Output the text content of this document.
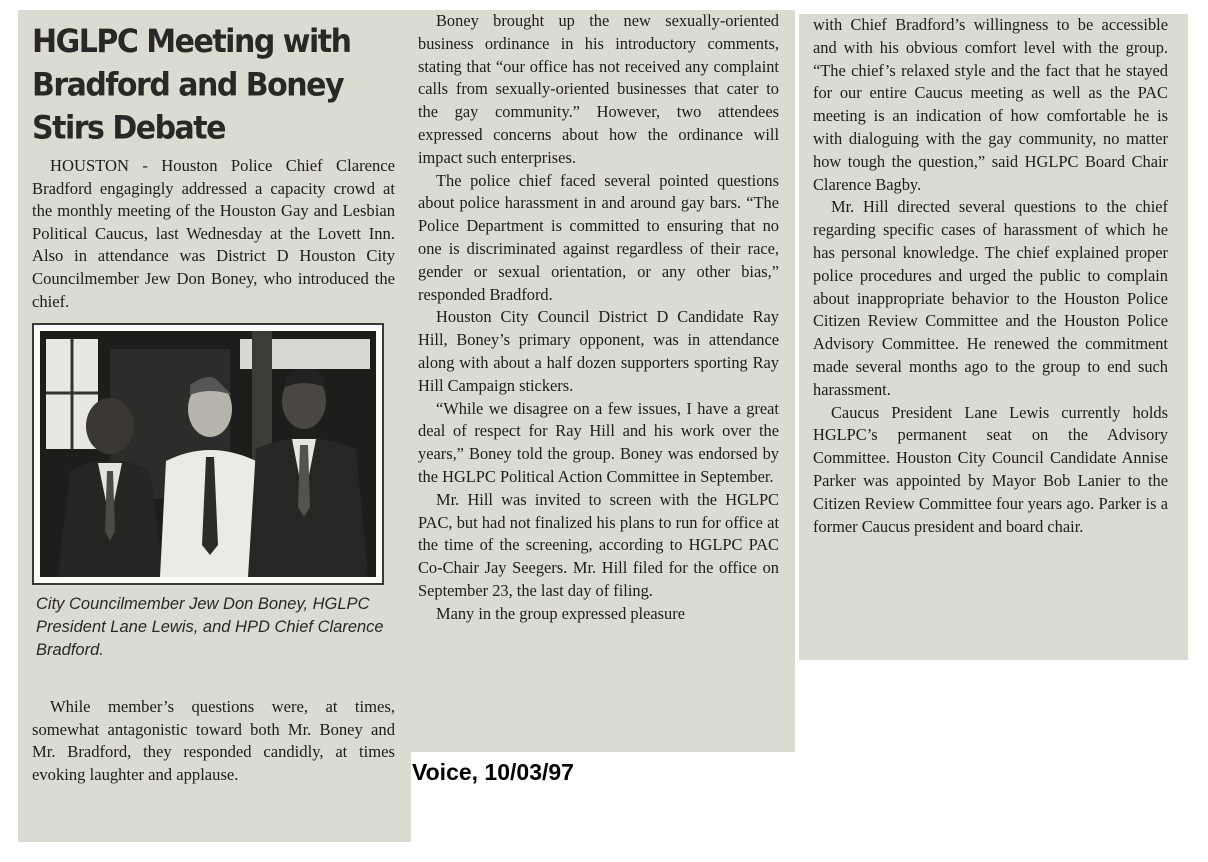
HGLPC Meeting with Bradford and Boney Stirs Debate

HOUSTON - Houston Police Chief Clarence Bradford engagingly addressed a capacity crowd at the monthly meeting of the Houston Gay and Lesbian Political Caucus, last Wednesday at the Lovett Inn. Also in attendance was District D Houston City Councilmember Jew Don Boney, who introduced the chief.

City Councilmember Jew Don Boney, HGLPC President Lane Lewis, and HPD Chief Clarence Bradford.

While member’s questions were, at times, somewhat antagonistic toward both Mr. Boney and Mr. Bradford, they responded candidly, at times evoking laughter and applause.

Boney brought up the new sexually-oriented business ordinance in his introductory comments, stating that “our office has not received any complaint calls from sexually-oriented businesses that cater to the gay community.” However, two attendees expressed concerns about how the ordinance will impact such enterprises.

The police chief faced several pointed questions about police harassment in and around gay bars. “The Police Department is committed to ensuring that no one is discriminated against regardless of their race, gender or sexual orientation, or any other bias,” responded Bradford.

Houston City Council District D Candidate Ray Hill, Boney’s primary opponent, was in attendance along with about a half dozen supporters sporting Ray Hill Campaign stickers.

“While we disagree on a few issues, I have a great deal of respect for Ray Hill and his work over the years,” Boney told the group. Boney was endorsed by the HGLPC Political Action Committee in September.

Mr. Hill was invited to screen with the HGLPC PAC, but had not finalized his plans to run for office at the time of the screening, according to HGLPC PAC Co-Chair Jay Seegers. Mr. Hill filed for the office on September 23, the last day of filing.

Many in the group expressed pleasure

with Chief Bradford’s willingness to be accessible and with his obvious comfort level with the group. “The chief’s relaxed style and the fact that he stayed for our entire Caucus meeting as well as the PAC meeting is an indication of how comfortable he is with dialoguing with the gay community, no matter how tough the question,” said HGLPC Board Chair Clarence Bagby.

Mr. Hill directed several questions to the chief regarding specific cases of harassment of which he has personal knowledge. The chief explained proper police procedures and urged the public to complain about inappropriate behavior to the Houston Police Citizen Review Committee and the Houston Police Advisory Committee. He renewed the commitment made several months ago to the group to end such harassment.

Caucus President Lane Lewis currently holds HGLPC’s permanent seat on the Advisory Committee. Houston City Council Candidate Annise Parker was appointed by Mayor Bob Lanier to the Citizen Review Committee four years ago. Parker is a former Caucus president and board chair.

Voice, 10/03/97
